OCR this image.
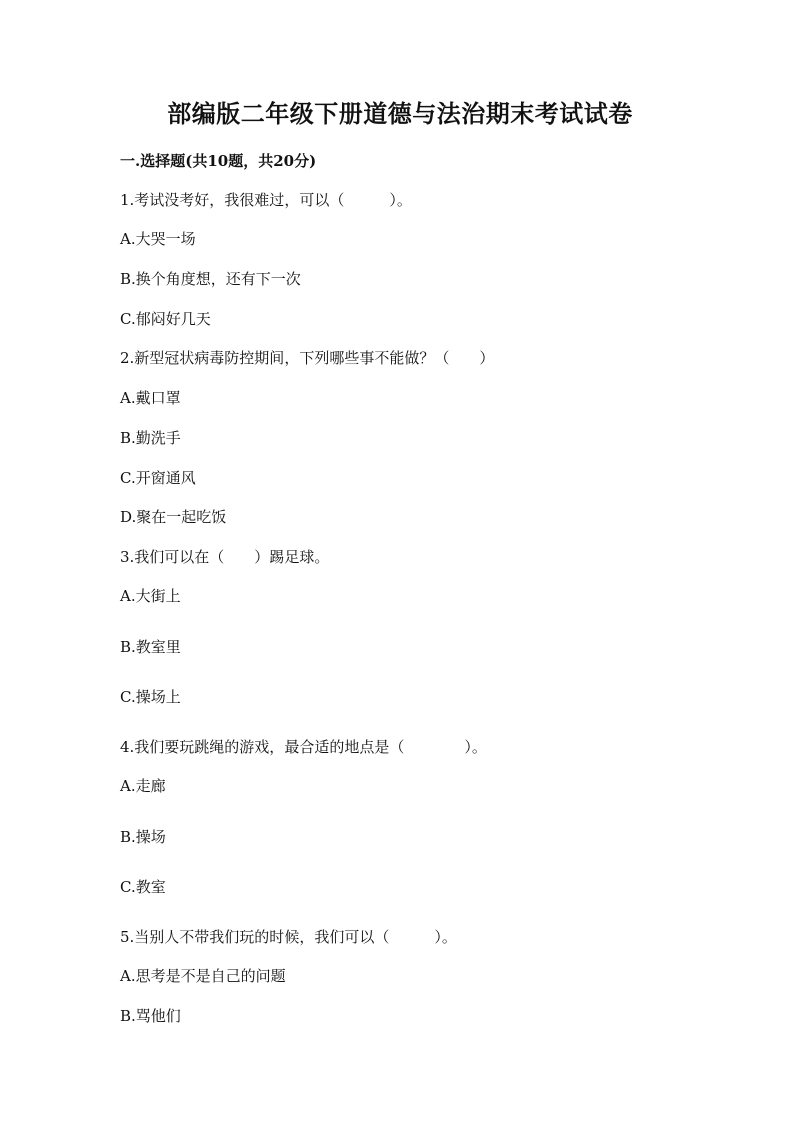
部编版二年级下册道德与法治期末考试试卷
一.选择题(共10题，共20分)
1.考试没考好，我很难过，可以（　　　）。
A.大哭一场
B.换个角度想，还有下一次
C.郁闷好几天
2.新型冠状病毒防控期间，下列哪些事不能做？（　　）
A.戴口罩
B.勤洗手
C.开窗通风
D.聚在一起吃饭
3.我们可以在（　　）踢足球。
A.大街上
B.教室里
C.操场上
4.我们要玩跳绳的游戏，最合适的地点是（　　　　）。
A.走廊
B.操场
C.教室
5.当别人不带我们玩的时候，我们可以（　　　）。
A.思考是不是自己的问题
B.骂他们
